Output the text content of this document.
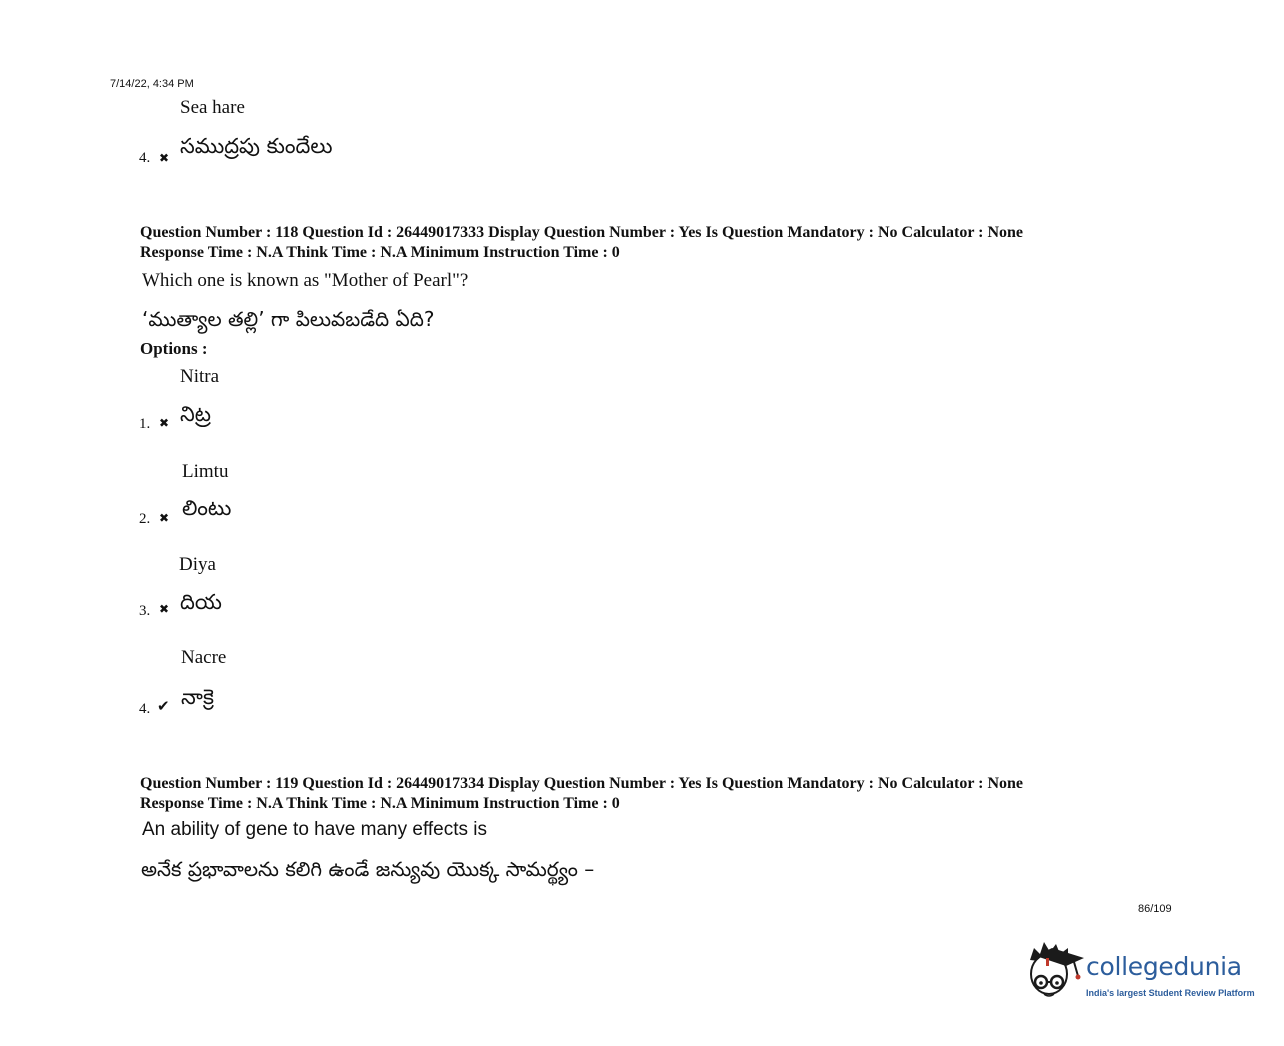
7/14/22, 4:34 PM
Sea hare
4. ✖ సముద్రపు కుందేలు
Question Number : 118 Question Id : 26449017333 Display Question Number : Yes Is Question Mandatory : No Calculator : None
Response Time : N.A Think Time : N.A Minimum Instruction Time : 0
Which one is known as "Mother of Pearl"?
‘ముత్యాల తల్లి’ గా పిలువబడేది ఏది?
Options :
Nitra
1. ✖ నిట్ర
Limtu
2. ✖ లింటు
Diya
3. ✖ దియ
Nacre
4. ✔ నాక్రె
Question Number : 119 Question Id : 26449017334 Display Question Number : Yes Is Question Mandatory : No Calculator : None
Response Time : N.A Think Time : N.A Minimum Instruction Time : 0
An ability of gene to have many effects is
అనేక ప్రభావాలను కలిగి ఉండే జన్యువు యొక్క సామర్థ్యం –
86/109
collegedunia
India's largest Student Review Platform
